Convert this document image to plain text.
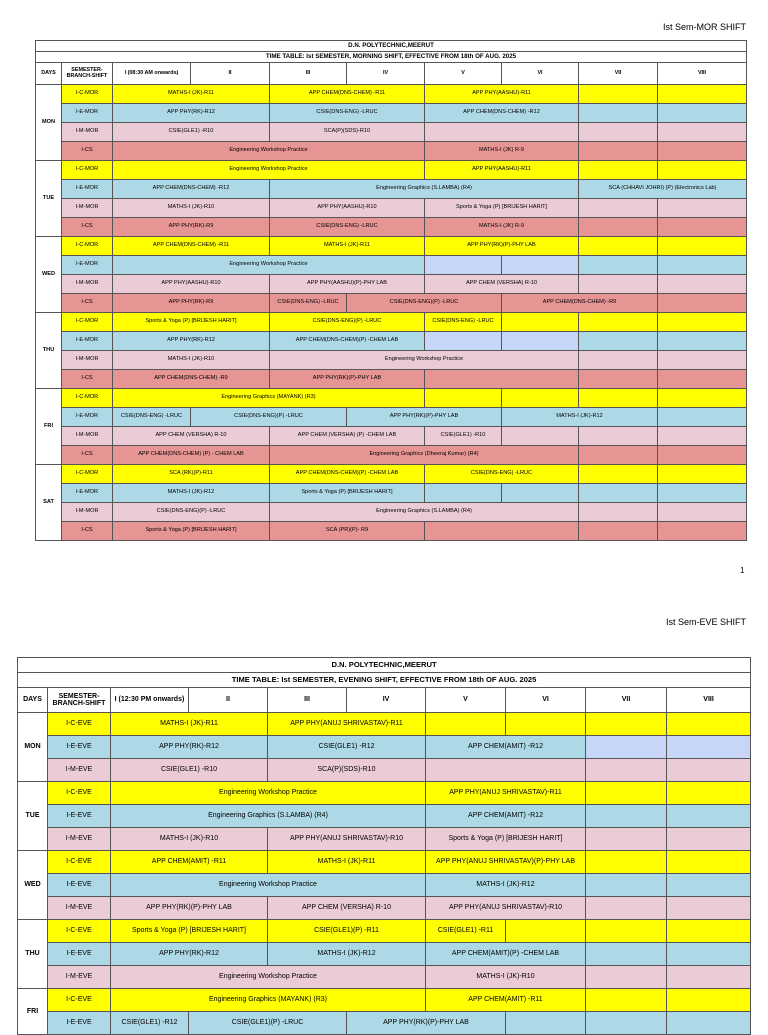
Ist Sem-MOR SHIFT
D.N. POLYTECHNIC,MEERUT									
TIME TABLE: Ist SEMESTER, MORNING SHIFT, EFFECTIVE FROM 18th OF AUG. 2025									
DAYS	SEMESTER-BRANCH-SHIFT	I (08:30 AM onwards)	II	III	IV	V	VI	VII	VIII
MON	I-C-MOR	MATHS-I (JK)-R11		APP CHEM(DNS-CHEM) -R11		APP PHY(AASHU)-R11			
	I-E-MOR	APP PHY(RK)-R12		CSIE(DNS-ENG) -LRUC		APP CHEM(DNS-CHEM) -R12			
	I-M-MOR	CSIE(GLE1) -R10		SCA(P)(SDS)-R10					
	I-CS	Engineering Workshop Practice				MATHS-I (JK) R-9			
TUE	I-C-MOR	Engineering Workshop Practice				APP PHY(AASHU)-R11			
	I-E-MOR	APP CHEM(DNS-CHEM) -R12		Engineering Graphics (S.LAMBA) (R4)				SCA (CHHAVI JOHRI) (P) (Electronics Lab)	
	I-M-MOR	MATHS-I (JK)-R10		APP PHY(AASHU)-R10		Sports & Yoga (P) [BRIJESH HARIT]			
	I-CS	APP PHY(RK)-R9		CSIE(DNS-ENG) -LRUC		MATHS-I (JK) R-9			
WED	I-C-MOR	APP CHEM(DNS-CHEM) -R11		MATHS-I (JK)-R11		APP PHY(RK)(P)-PHY LAB			
	I-E-MOR	Engineering Workshop Practice							
	I-M-MOR	APP PHY(AASHU)-R10		APP PHY(AASHU)(P)-PHY LAB		APP CHEM (VERSHA) R-10			
	I-CS	APP PHY(RK)-R9		CSIE(DNS-ENG) -LRUC	CSIE(DNS-ENG)(P) -LRUC		APP CHEM(DNS-CHEM) -R9		
THU	I-C-MOR	Sports & Yoga (P) [BRIJESH HARIT]		CSIE(DNS-ENG)(P) -LRUC		CSIE(DNS-ENG) -LRUC			
	I-E-MOR	APP PHY(RK)-R12		APP CHEM(DNS-CHEM)(P) -CHEM LAB					
	I-M-MOR	MATHS-I (JK)-R10		Engineering Workshop Practice					
	I-CS	APP CHEM(DNS-CHEM) -R9		APP PHY(RK)(P)-PHY LAB					
FRI	I-C-MOR	Engineering Graphics (MAYANK) (R3)							
	I-E-MOR	CSIE(DNS-ENG) -LRUC	CSIE(DNS-ENG)(P) -LRUC		APP PHY(RK)(P)-PHY LAB		MATHS-I (JK)-R12		
	I-M-MOR	APP CHEM (VERSHA) R-10		APP CHEM (VERSHA) (P) -CHEM LAB		CSIE(GLE1) -R10			
	I-CS	APP CHEM(DNS-CHEM) (P) - CHEM LAB		Engineering Graphics (Dheeraj Kumar) (R4)					
SAT	I-C-MOR	SCA (RK)(P)-R11		APP CHEM(DNS-CHEM)(P) -CHEM LAB		CSIE(DNS-ENG) -LRUC			
	I-E-MOR	MATHS-I (JK)-R12		Sports & Yoga (P) [BRIJESH HARIT]					
	I-M-MOR	CSIE(DNS-ENG)(P) -LRUC		Engineering Graphics (S.LAMBA) (R4)					
	I-CS	Sports & Yoga (P) [BRIJESH HARIT]		SCA (PR)(P)- R9					
1
Ist Sem-EVE SHIFT
D.N. POLYTECHNIC,MEERUT									
TIME TABLE: Ist SEMESTER, EVENING SHIFT, EFFECTIVE FROM 18th OF AUG. 2025									
DAYS	SEMESTER-BRANCH-SHIFT	I (12:30 PM onwards)	II	III	IV	V	VI	VII	VIII
MON	I-C-EVE	MATHS-I (JK)-R11		APP PHY(ANUJ SHRIVASTAV)-R11					
	I-E-EVE	APP PHY(RK)-R12		CSIE(GLE1) -R12		APP CHEM(AMIT) -R12			
	I-M-EVE	CSIE(GLE1) -R10		SCA(P)(SDS)-R10					
TUE	I-C-EVE	Engineering Workshop Practice				APP PHY(ANUJ SHRIVASTAV)-R11			
	I-E-EVE	Engineering Graphics (S.LAMBA) (R4)				APP CHEM(AMIT) -R12			
	I-M-EVE	MATHS-I (JK)-R10		APP PHY(ANUJ SHRIVASTAV)-R10		Sports & Yoga (P) [BRIJESH HARIT]			
WED	I-C-EVE	APP CHEM(AMIT) -R11		MATHS-I (JK)-R11		APP PHY(ANUJ SHRIVASTAV)(P)-PHY LAB			
	I-E-EVE	Engineering Workshop Practice				MATHS-I (JK)-R12			
	I-M-EVE	APP PHY(RK)(P)-PHY LAB		APP CHEM (VERSHA) R-10		APP PHY(ANUJ SHRIVASTAV)-R10			
THU	I-C-EVE	Sports & Yoga (P) [BRIJESH HARIT]		CSIE(GLE1)(P) -R11		CSIE(GLE1) -R11			
	I-E-EVE	APP PHY(RK)-R12		MATHS-I (JK)-R12		APP CHEM(AMIT)(P) -CHEM LAB			
	I-M-EVE	Engineering Workshop Practice				MATHS-I (JK)-R10			
FRI	I-C-EVE	Engineering Graphics (MAYANK) (R3)				APP CHEM(AMIT) -R11			
	I-E-EVE	CSIE(GLE1) -R12	CSIE(GLE1)(P) -LRUC		APP PHY(RK)(P)-PHY LAB				
